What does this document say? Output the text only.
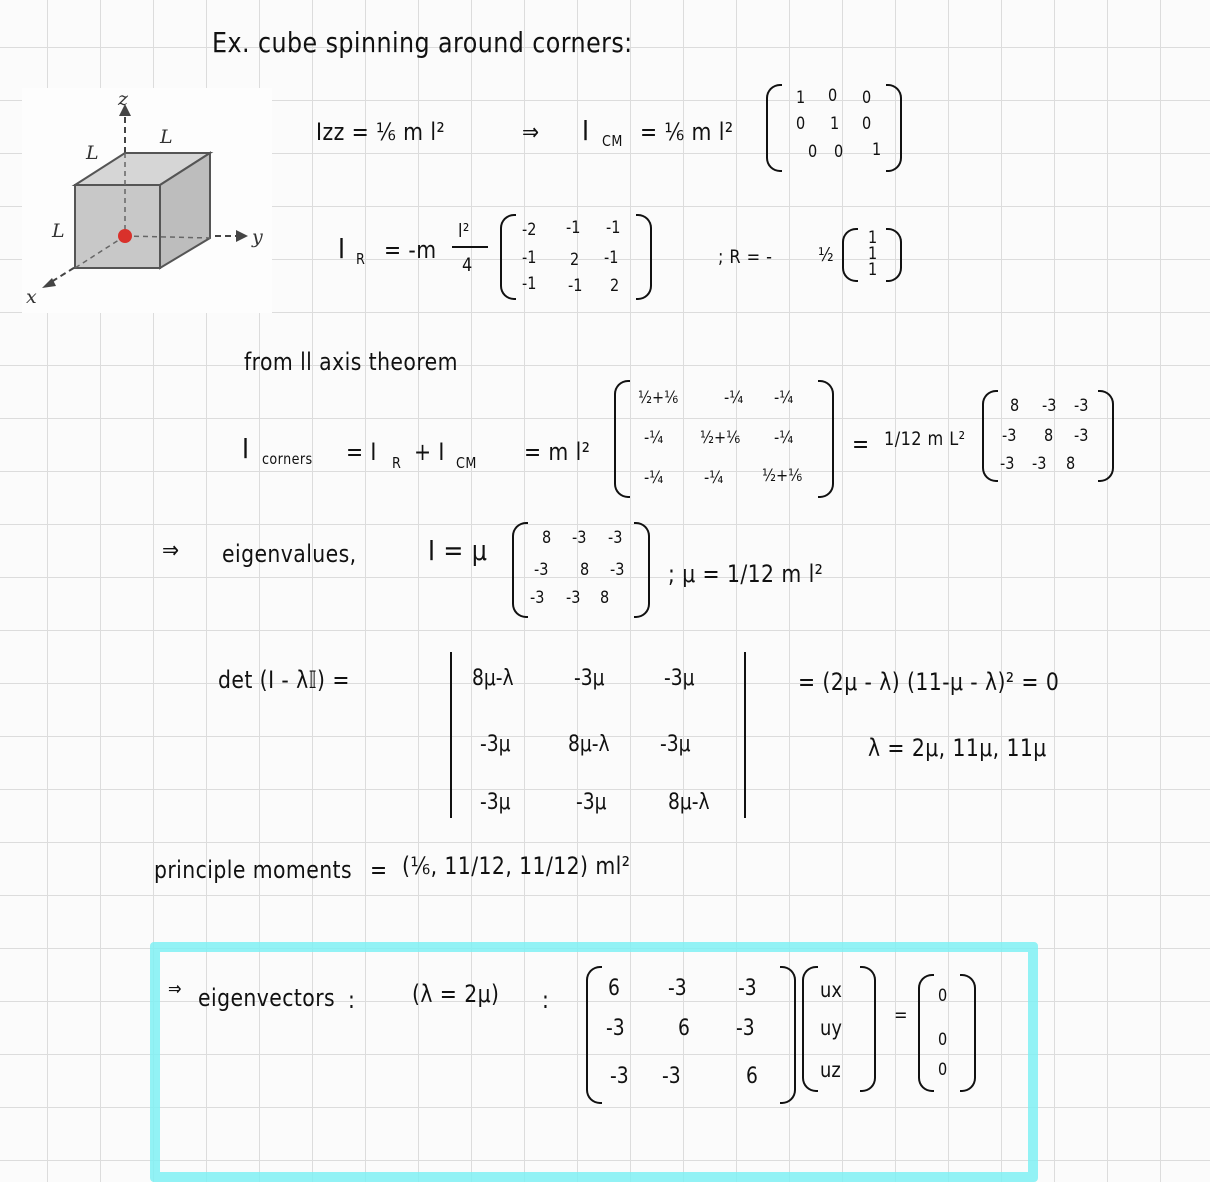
Ex. cube spinning around corners:
z
y
x
L
L
L
Izz = ⅙ m l²	⇒ I CM = ⅙ m l²
1 0 0
0 1 0
0 0 1
I R = -m
l²
4
-2 -1 -1
-1 2 -1
-1 -1 2
; R = - ½
1
1
1
from ll axis theorem
I corners = I R + I CM = m l²
½+⅙	-¼ -¼
-¼ ½+⅙ -¼
-¼ -¼ ½+⅙
= 1/12 m L²
8 -3 -3
-3 8 -3
-3 -3 8
⇒ eigenvalues,	I = μ	8 -3 -3
-3 8 -3
-3 -3 8
; μ = 1/12 m l²
det (I - λ𝕀) =	8μ-λ	-3μ	-3μ
-3μ	8μ-λ -3μ
-3μ	-3μ	8μ-λ
= (2μ - λ) (11-μ - λ)² = 0
λ = 2μ, 11μ, 11μ
principle moments = (⅙, 11/12, 11/12) ml²
⇒ eigenvectors : (λ = 2μ) :	6 -3 -3
-3 6 -3
-3 -3	6
ux
uy
uz
=
0
0
0
